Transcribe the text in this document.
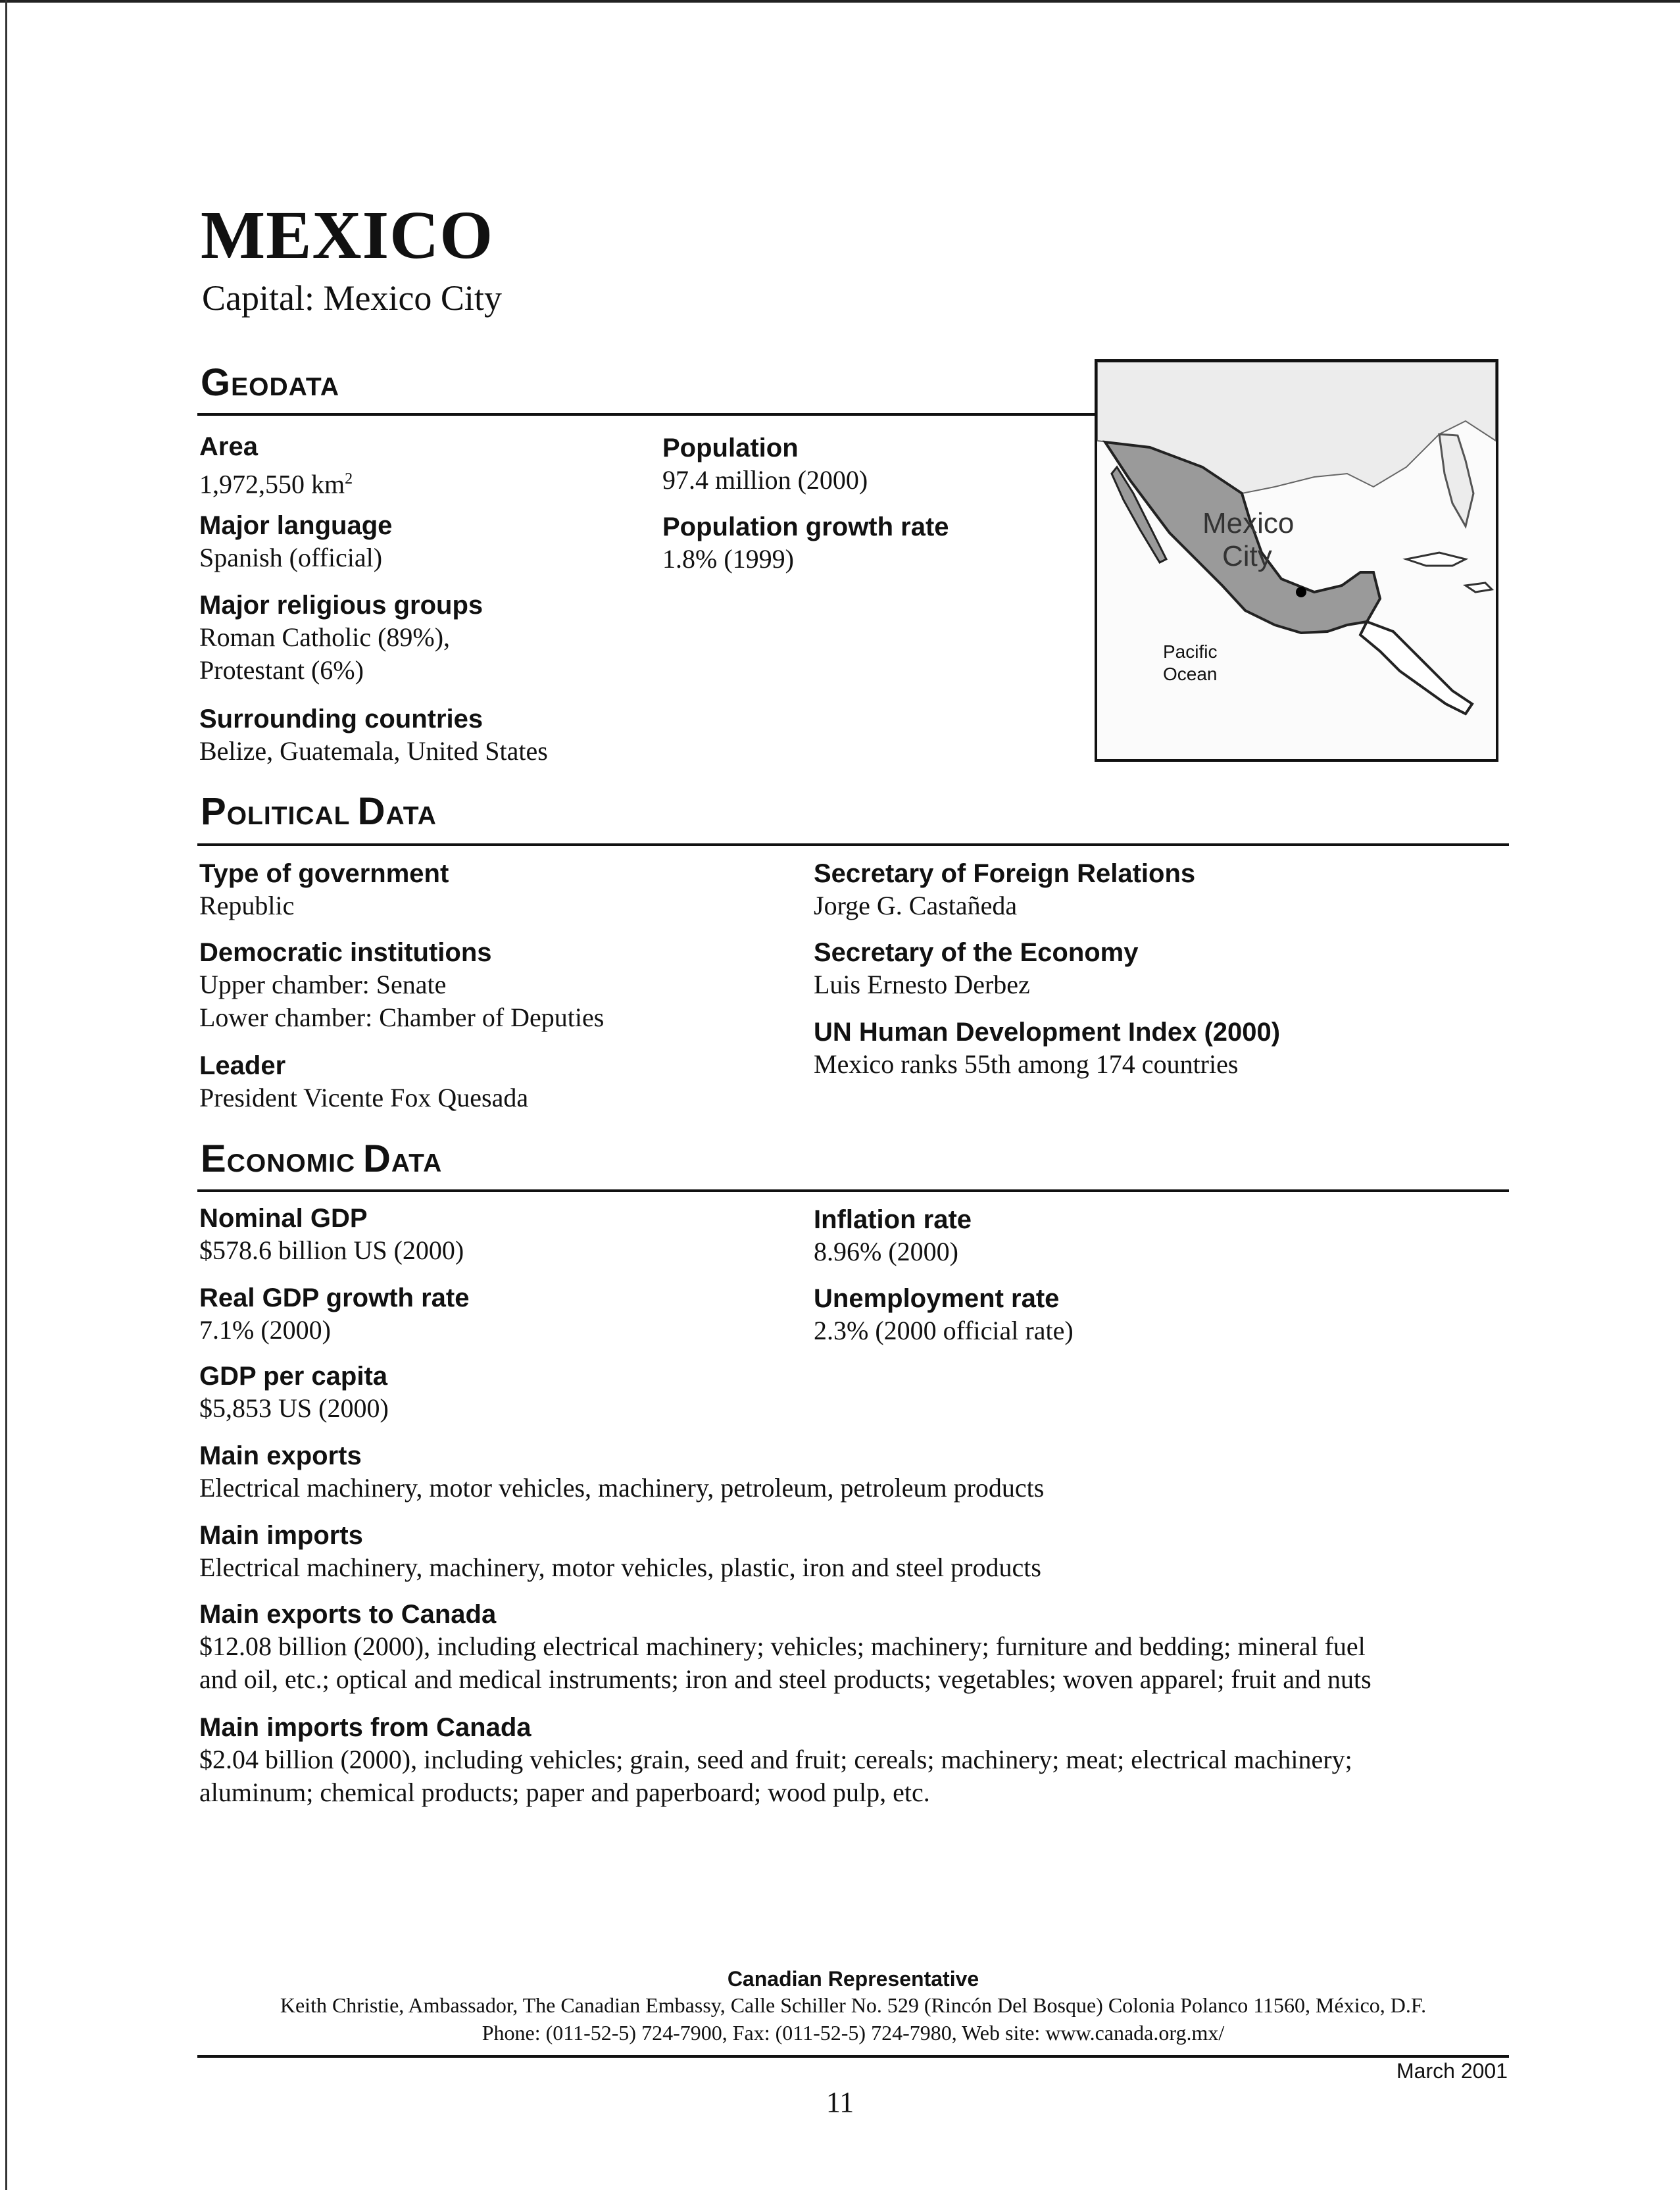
MEXICO
Capital: Mexico City
GEODATA
Area
1,972,550 $km^2$
Major language
Spanish (official)
Major religious groups
Roman Catholic (89%),
Protestant (6%)
Surrounding countries
Belize, Guatemala, United States
Population
97.4 million (2000)
Population growth rate
1.8% (1999)
Mexico
City
Pacific
Ocean
POLITICAL DATA
Type of government
Republic
Democratic institutions
Upper chamber: Senate
Lower chamber: Chamber of Deputies
Leader
President Vicente Fox Quesada
Secretary of Foreign Relations
Jorge G. Castañeda
Secretary of the Economy
Luis Ernesto Derbez
UN Human Development Index (2000)
Mexico ranks 55th among 174 countries
ECONOMIC DATA
Nominal GDP
$578.6 billion US (2000)
Real GDP growth rate
7.1% (2000)
GDP per capita
$5,853 US (2000)
Inflation rate
8.96% (2000)
Unemployment rate
2.3% (2000 official rate)
Main exports
Electrical machinery, motor vehicles, machinery, petroleum, petroleum products
Main imports
Electrical machinery, machinery, motor vehicles, plastic, iron and steel products
Main exports to Canada
$12.08 billion (2000), including electrical machinery; vehicles; machinery; furniture and bedding; mineral fuel
and oil, etc.; optical and medical instruments; iron and steel products; vegetables; woven apparel; fruit and nuts
Main imports from Canada
$2.04 billion (2000), including vehicles; grain, seed and fruit; cereals; machinery; meat; electrical machinery;
aluminum; chemical products; paper and paperboard; wood pulp, etc.
Canadian Representative
Keith Christie, Ambassador, The Canadian Embassy, Calle Schiller No. 529 (Rincón Del Bosque) Colonia Polanco 11560, México, D.F.
Phone: (011-52-5) 724-7900, Fax: (011-52-5) 724-7980, Web site: www.canada.org.mx/
March 2001
11
